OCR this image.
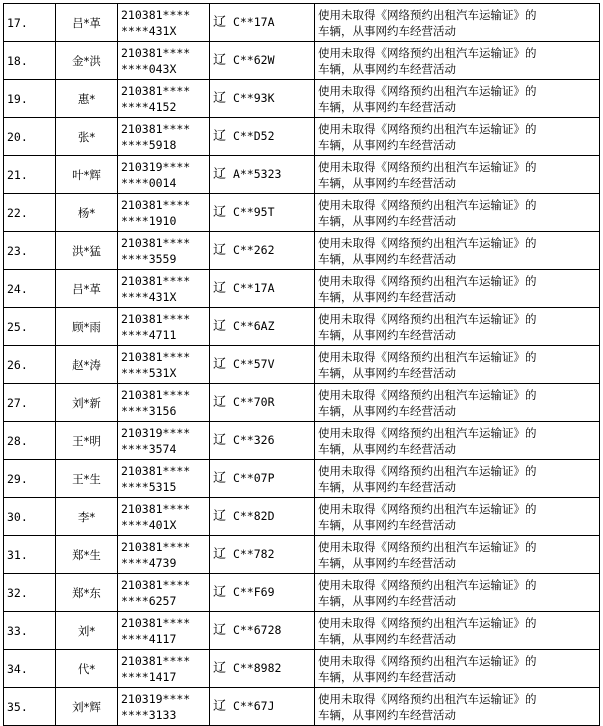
17.	吕*革	210381****
****431X	辽 C**17A	使用未取得《网络预约出租汽车运输证》的
车辆，从事网约车经营活动

18.	金*洪	210381****
****043X	辽 C**62W	使用未取得《网络预约出租汽车运输证》的
车辆，从事网约车经营活动

19.	惠*	210381****
****4152	辽 C**93K	使用未取得《网络预约出租汽车运输证》的
车辆，从事网约车经营活动

20.	张*	210381****
****5918	辽 C**D52	使用未取得《网络预约出租汽车运输证》的
车辆，从事网约车经营活动

21.	叶*辉	210319****
****0014	辽 A**5323	使用未取得《网络预约出租汽车运输证》的
车辆，从事网约车经营活动

22.	杨*	210381****
****1910	辽 C**95T	使用未取得《网络预约出租汽车运输证》的
车辆，从事网约车经营活动

23.	洪*猛	210381****
****3559	辽 C**262	使用未取得《网络预约出租汽车运输证》的
车辆，从事网约车经营活动

24.	吕*革	210381****
****431X	辽 C**17A	使用未取得《网络预约出租汽车运输证》的
车辆，从事网约车经营活动

25.	顾*雨	210381****
****4711	辽 C**6AZ	使用未取得《网络预约出租汽车运输证》的
车辆，从事网约车经营活动

26.	赵*涛	210381****
****531X	辽 C**57V	使用未取得《网络预约出租汽车运输证》的
车辆，从事网约车经营活动

27.	刘*新	210381****
****3156	辽 C**70R	使用未取得《网络预约出租汽车运输证》的
车辆，从事网约车经营活动

28.	王*明	210319****
****3574	辽 C**326	使用未取得《网络预约出租汽车运输证》的
车辆，从事网约车经营活动

29.	王*生	210381****
****5315	辽 C**07P	使用未取得《网络预约出租汽车运输证》的
车辆，从事网约车经营活动

30.	李*	210381****
****401X	辽 C**82D	使用未取得《网络预约出租汽车运输证》的
车辆，从事网约车经营活动

31.	郑*生	210381****
****4739	辽 C**782	使用未取得《网络预约出租汽车运输证》的
车辆，从事网约车经营活动

32.	郑*东	210381****
****6257	辽 C**F69	使用未取得《网络预约出租汽车运输证》的
车辆，从事网约车经营活动

33.	刘*	210381****
****4117	辽 C**6728	使用未取得《网络预约出租汽车运输证》的
车辆，从事网约车经营活动

34.	代*	210381****
****1417	辽 C**8982	使用未取得《网络预约出租汽车运输证》的
车辆，从事网约车经营活动

35.	刘*辉	210319****
****3133	辽 C**67J	使用未取得《网络预约出租汽车运输证》的
车辆，从事网约车经营活动
